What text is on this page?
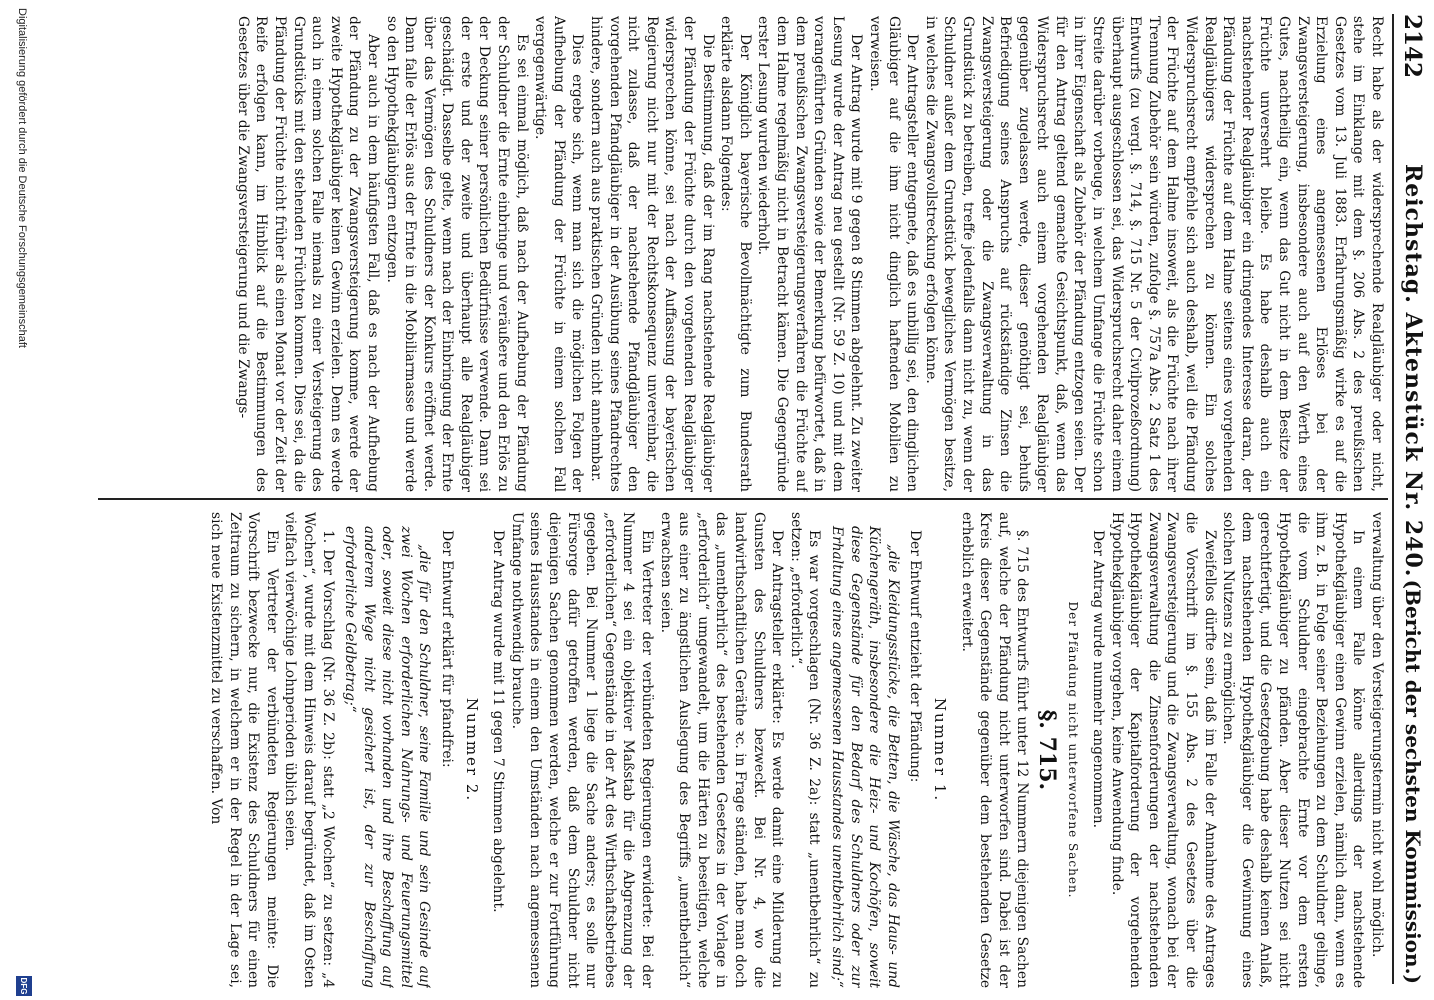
2142
Reichstag. Aktenstück Nr. 240.
(Bericht der sechsten Kommission.)

Recht habe als der widersprechende Realgläubiger oder nicht, stehe im Einklange mit dem §. 206 Abs. 2 des preußischen Gesetzes vom 13. Juli 1883. Erfahrungsmäßig wirke es auf die Erzielung eines angemessenen Erlöses bei der Zwangsversteigerung, insbesondere auch auf den Werth eines Gutes, nachtheilig ein, wenn das Gut nicht in dem Besitze der Früchte unversehrt bleibe. Es habe deshalb auch ein nachstehender Realgläubiger ein dringendes Interesse daran, der Pfändung der Früchte auf dem Halme seitens eines vorgehenden Realgläubigers widersprechen zu können. Ein solches Widerspruchsrecht empfehle sich auch deshalb, weil die Pfändung der Früchte auf dem Halme insoweit, als die Früchte nach ihrer Trennung Zubehör sein würden, zufolge §. 757a Abs. 2 Satz 1 des Entwurfs (zu vergl. §. 714, §. 715 Nr. 5 der Civilprozeßordnung) überhaupt ausgeschlossen sei, das Widerspruchsrecht daher einem Streite darüber vorbeuge, in welchem Umfange die Früchte schon in ihrer Eigenschaft als Zubehör der Pfändung entzogen seien. Der für den Antrag geltend gemachte Gesichtspunkt, daß, wenn das Widerspruchsrecht auch einem vorgehenden Realgläubiger gegenüber zugelassen werde, dieser genöthigt sei, behufs Befriedigung seines Anspruchs auf rückständige Zinsen die Zwangsversteigerung oder die Zwangsverwaltung in das Grundstück zu betreiben, treffe jedenfalls dann nicht zu, wenn der Schuldner außer dem Grundstück bewegliches Vermögen besitze, in welches die Zwangsvollstreckung erfolgen könne.

Der Antragsteller entgegnete, daß es unbillig sei, den dinglichen Gläubiger auf die ihm nicht dinglich haftenden Mobilien zu verweisen.

Der Antrag wurde mit 9 gegen 8 Stimmen abgelehnt. Zu zweiter Lesung wurde der Antrag neu gestellt (Nr. 59 Z. 10) und mit dem vorangeführten Gründen sowie der Bemerkung befürwortet, daß in dem preußischen Zwangsversteigerungsverfahren die Früchte auf dem Halme regelmäßig nicht in Betracht kämen. Die Gegengründe erster Lesung wurden wiederholt.

Der Königlich bayerische Bevollmächtigte zum Bundesrath erklärte alsdann Folgendes:

Die Bestimmung, daß der im Rang nachstehende Realgläubiger der Pfändung der Früchte durch den vorgehenden Realgläubiger widersprechen könne, sei nach der Auffassung der bayerischen Regierung nicht nur mit der Rechtskonsequenz unvereinbar, die nicht zulasse, daß der nachstehende Pfandgläubiger den vorgehenden Pfandgläubiger in der Ausübung seines Pfandrechtes hindere, sondern auch aus praktischen Gründen nicht annehmbar.

Dies ergebe sich, wenn man sich die möglichen Folgen der Aufhebung der Pfändung der Früchte in einem solchen Fall vergegenwärtige.

Es sei einmal möglich, daß nach der Aufhebung der Pfändung der Schuldner die Ernte einbringe und veräußere und den Erlös zu der Deckung seiner persönlichen Bedürfnisse verwende. Dann sei der erste und der zweite und überhaupt alle Realgläubiger geschädigt. Dasselbe gelte, wenn nach der Einbringung der Ernte über das Vermögen des Schuldners der Konkurs eröffnet werde. Dann falle der Erlös aus der Ernte in die Mobiliarmasse und werde so den Hypothekgläubigern entzogen.

Aber auch in dem häufigsten Fall, daß es nach der Aufhebung der Pfändung zu der Zwangsversteigerung komme, werde der zweite Hypothekgläubiger keinen Gewinn erzielen. Denn es werde auch in einem solchen Falle niemals zu einer Versteigerung des Grundstücks mit den stehenden Früchten kommen. Dies sei, da die Pfändung der Früchte nicht früher als einen Monat vor der Zeit der Reife erfolgen kann, im Hinblick auf die Bestimmungen des Gesetzes über die Zwangsversteigerung und die Zwangs-

verwaltung über den Versteigerungstermin nicht wohl möglich.

In einem Falle könne allerdings der nachstehende Hypothekgläubiger einen Gewinn erzielen, nämlich dann, wenn es ihm z. B. in Folge seiner Beziehungen zu dem Schuldner gelinge, die vom Schuldner eingebrachte Ernte vor dem ersten Hypothekgläubiger zu pfänden. Aber dieser Nutzen sei nicht gerechtfertigt, und die Gesetzgebung habe deshalb keinen Anlaß, dem nachstehenden Hypothekgläubiger die Gewinnung eines solchen Nutzens zu ermöglichen.

Zweifellos dürfte sein, daß im Falle der Annahme des Antrages die Vorschrift im §. 155 Abs. 2 des Gesetzes über die Zwangsversteigerung und die Zwangsverwaltung, wonach bei der Zwangsverwaltung die Zinsenforderungen der nachstehenden Hypothekgläubiger der Kapitalforderung der vorgehenden Hypothekgläubiger vorgehen, keine Anwendung finde.

Der Antrag wurde nunmehr angenommen.

Der Pfändung nicht unterworfene Sachen.
§. 715.

§. 715 des Entwurfs führt unter 12 Nummern diejenigen Sachen auf, welche der Pfändung nicht unterworfen sind. Dabei ist der Kreis dieser Gegenstände gegenüber dem bestehenden Gesetze erheblich erweitert.

Nummer 1.

Der Entwurf entzieht der Pfändung:

„die Kleidungsstücke, die Betten, die Wäsche, das Haus- und Küchengeräth, insbesondere die Heiz- und Kochöfen, soweit diese Gegenstände für den Bedarf des Schuldners oder zur Erhaltung eines angemessenen Hausstandes unentbehrlich sind;“

Es war vorgeschlagen (Nr. 36 Z. 2a): statt „unentbehrlich“ zu setzen: „erforderlich“.

Der Antragsteller erklärte: Es werde damit eine Milderung zu Gunsten des Schuldners bezweckt. Bei Nr. 4, wo die landwirthschaftlichen Geräthe ꝛc. in Frage ständen, habe man doch das „unentbehrlich“ des bestehenden Gesetzes in der Vorlage in „erforderlich“ umgewandelt, um die Härten zu beseitigen, welche aus einer zu ängstlichen Auslegung des Begriffs „unentbehrlich“ erwachsen seien.

Ein Vertreter der verbündeten Regierungen erwiderte: Bei der Nummer 4 sei ein objektiver Maßstab für die Abgrenzung der „erforderlichen“ Gegenstände in der Art des Wirthschaftsbetriebes gegeben. Bei Nummer 1 liege die Sache anders; es solle nur Fürsorge dafür getroffen werden, daß dem Schuldner nicht diejenigen Sachen genommen werden, welche er zur Fortführung seines Hausstandes in einem den Umständen nach angemessenen Umfange nothwendig brauche.

Der Antrag wurde mit 11 gegen 7 Stimmen abgelehnt.

Nummer 2.

Der Entwurf erklärt für pfandfrei:

„die für den Schuldner, seine Familie und sein Gesinde auf zwei Wochen erforderlichen Nahrungs- und Feuerungsmittel oder, soweit diese nicht vorhanden und ihre Beschaffung auf anderem Wege nicht gesichert ist, der zur Beschaffung erforderliche Geldbetrag;“

1. Der Vorschlag (Nr. 36 Z. 2b): statt „2 Wochen“ zu setzen: „4 Wochen“, wurde mit dem Hinweis darauf begründet, daß im Osten vielfach vierwöchige Lohnperioden üblich seien.

Ein Vertreter der verbündeten Regierungen meinte: Die Vorschrift bezwecke nur, die Existenz des Schuldners für einen Zeitraum zu sichern, in welchem er in der Regel in der Lage sei, sich neue Existenzmittel zu verschaffen. Von

Digitalisierung gefördert durch die Deutsche Forschungsgemeinschaft
DFG
